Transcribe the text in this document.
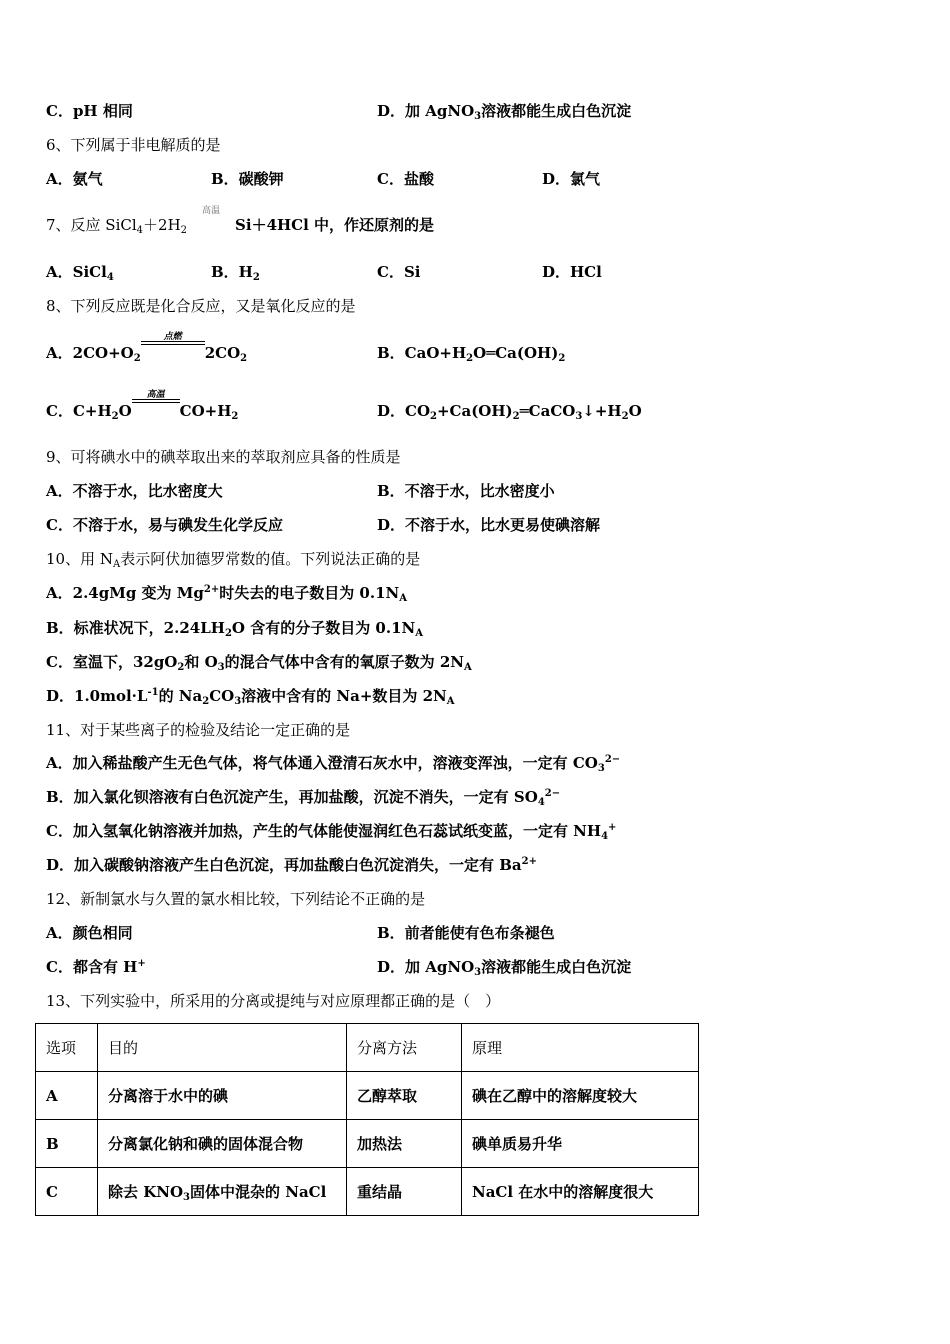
C．pH 相同	D．加 AgNO$_3$溶液都能生成白色沉淀
6、下列属于非电解质的是
A．氨气	B．碳酸钾	C．盐酸	D．氯气
7、反应 $SiCl_4+2H_2$
高温
Si＋4HCl 中，作还原剂的是
A．SiCl$_4$	B．$H_2$	C．Si	D．HCl
8、下列反应既是化合反应，又是氧化反应的是
A．$2CO+O_2$
点燃
$2CO_2$	B．$CaO+H_2O═Ca(OH)_2$
C．$C+H_2O$
高温
$CO+H_2$	D．$CO_2+Ca(OH)_2═CaCO_3↓+H_2O$
9、可将碘水中的碘萃取出来的萃取剂应具备的性质是
A．不溶于水，比水密度大	B．不溶于水，比水密度小
C．不溶于水，易与碘发生化学反应	D．不溶于水，比水更易使碘溶解
10、用 $N_A$表示阿伏加德罗常数的值。下列说法正确的是
A．2.4gMg 变为 $Mg^{2+}$时失去的电子数目为 $0.1N_A$
B．标准状况下，$2.24LH_2O$ 含有的分子数目为 $0.1N_A$
C．室温下，$32gO_2$和 $O_3$的混合气体中含有的氧原子数为 $2N_A$
D．$1.0mol\cdot L^{-1}$的 $Na_2CO_3$溶液中含有的 Na+数目为 $2N_A$
11、对于某些离子的检验及结论一定正确的是
A．加入稀盐酸产生无色气体，将气体通入澄清石灰水中，溶液变浑浊，一定有 $CO_3^{2-}$
B．加入氯化钡溶液有白色沉淀产生，再加盐酸，沉淀不消失，一定有 $SO_4^{2-}$
C．加入氢氧化钠溶液并加热，产生的气体能使湿润红色石蕊试纸变蓝，一定有 $NH_4^+$
D．加入碳酸钠溶液产生白色沉淀，再加盐酸白色沉淀消失，一定有 $Ba^{2+}$
12、新制氯水与久置的氯水相比较，下列结论不正确的是
A．颜色相同	B．前者能使有色布条褪色
C．都含有 H+	D．加 AgNO$_3$溶液都能生成白色沉淀
13、下列实验中，所采用的分离或提纯与对应原理都正确的是（　）
选项	目的	分离方法	原理
A	分离溶于水中的碘	乙醇萃取	碘在乙醇中的溶解度较大
B	分离氯化钠和碘的固体混合物	加热法	碘单质易升华
C	除去 $KNO_3$固体中混杂的 NaCl	重结晶	NaCl 在水中的溶解度很大
